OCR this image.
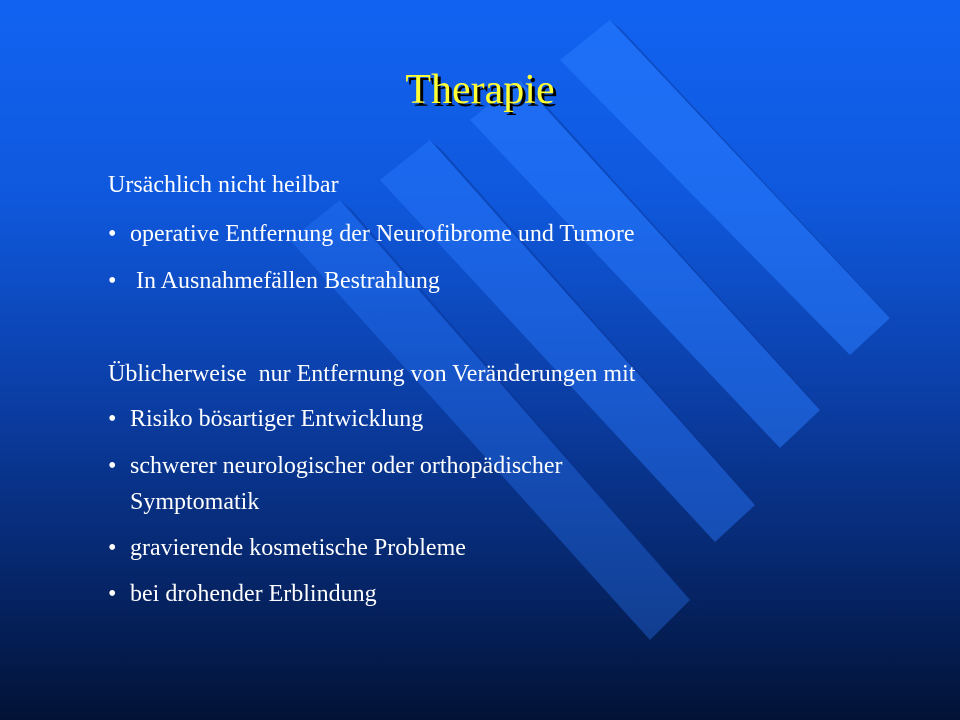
Therapie
Ursächlich nicht heilbar
• operative Entfernung der Neurofibrome und Tumore
• In Ausnahmefällen Bestrahlung
Üblicherweise  nur Entfernung von Veränderungen mit
• Risiko bösartiger Entwicklung
• schwerer neurologischer oder orthopädischer
Symptomatik
• gravierende kosmetische Probleme
• bei drohender Erblindung
